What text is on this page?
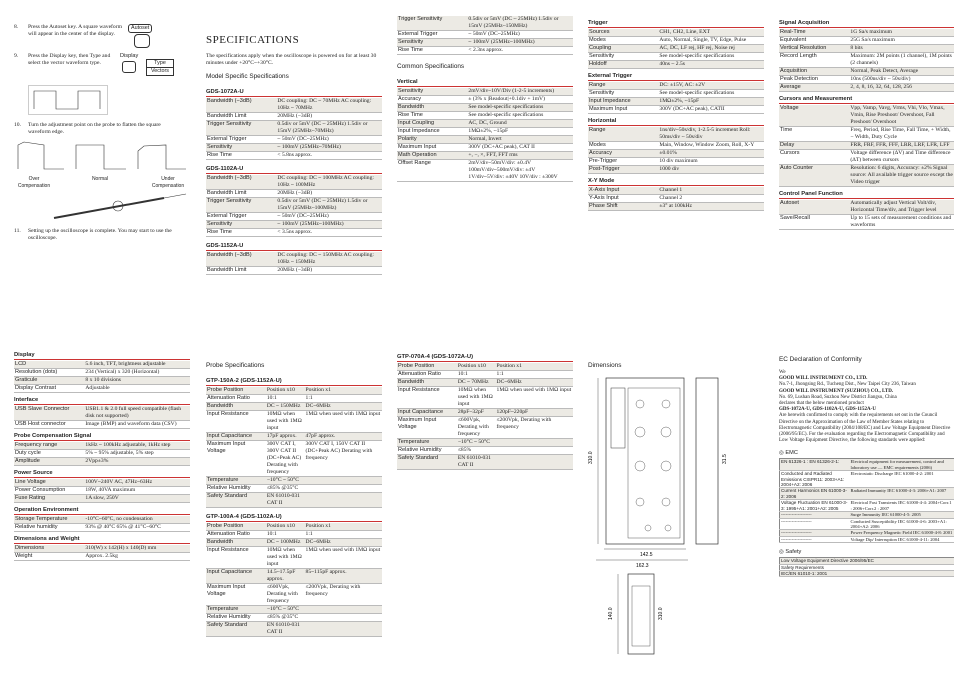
8.	Press the Autoset key. A square waveform will appear in the center of the display.
Autoset
9.	Press the Display key, then Type and select the vector waveform type.
Display
Type
Vectors
10.	Turn the adjustment point on the probe to flatten the square waveform edge.
Over Compensation
Normal	Under Compensation
11.	Setting up the oscilloscope is complete. You may start to use the oscilloscope.
SPECIFICATIONS
The specifications apply when the oscilloscope is powered on for at least 30 minutes under +20°C~+30°C.
Model Specific Specifications
GDS-1072A-U
Bandwidth (−3dB)	DC coupling: DC ~ 70MHz AC coupling: 10Hz ~ 70MHz
Bandwidth Limit	20MHz (−3dB)
Trigger Sensitivity	0.5div or 5mV (DC ~ 25MHz) 1.5div or 15mV (25MHz~70MHz)
External Trigger	~ 50mV (DC~25MHz)
Sensitivity	~ 100mV (25MHz~70MHz)
Rise Time	< 5.8ns approx.
GDS-1102A-U
Bandwidth (−3dB)	DC coupling: DC ~ 100MHz AC coupling: 10Hz ~ 100MHz
Bandwidth Limit	20MHz (−3dB)
Trigger Sensitivity	0.5div or 5mV (DC ~ 25MHz) 1.5div or 15mV (25MHz~100MHz)
External Trigger	~ 50mV (DC~25MHz)
Sensitivity	~ 100mV (25MHz~100MHz)
Rise Time	< 3.5ns approx.
GDS-1152A-U
Bandwidth (−3dB)	DC coupling: DC ~ 150MHz AC coupling: 10Hz ~ 150MHz
Bandwidth Limit	20MHz (−3dB)
Trigger Sensitivity	0.5div or 5mV (DC ~ 25MHz) 1.5div or 15mV (25MHz~150MHz)
External Trigger	~ 50mV (DC~25MHz)
Sensitivity	~ 100mV (25MHz~100MHz)
Rise Time	< 2.3ns approx.
Common Specifications
Vertical
Sensitivity	2mV/div~10V/Div (1-2-5 increments)
Accuracy	± (3% x |Readout|+0.1div + 1mV)
Bandwidth	See model-specific specifications
Rise Time	See model-specific specifications
Input Coupling	AC, DC, Ground
Input Impedance	1MΩ±2%, ~15pF
Polarity	Normal, Invert
Maximum Input	300V (DC+AC peak), CAT II
Math Operation	+, −, ×, FFT, FFT rms
Offset Range	2mV/div~50mV/div: ±0.4V 100mV/div~500mV/div: ±4V 1V/div~5V/div: ±40V 10V/div : ±300V
Trigger
Sources	CH1, CH2, Line, EXT
Modes	Auto, Normal, Single, TV, Edge, Pulse
Coupling	AC, DC, LF rej, HF rej, Noise rej
Sensitivity	See model-specific specifications
Holdoff	40ns ~ 2.5s
External Trigger
Range	DC: ±15V, AC: ±2V
Sensitivity	See model-specific specifications
Input Impedance	1MΩ±2%, ~15pF
Maximum Input	300V (DC+AC peak), CATII
Horizontal
Range	1ns/div~50s/div, 1-2.5-5 increment Roll: 50ms/div ~ 50s/div
Modes	Main, Window, Window Zoom, Roll, X-Y
Accuracy	±0.01%
Pre-Trigger	10 div maximum
Post-Trigger	1000 div
X-Y Mode
X-Axis Input	Channel 1
Y-Axis Input	Channel 2
Phase Shift	±3° at 100kHz
Signal Acquisition
Real-Time	1G Sa/s maximum
Equivalent	25G Sa/s maximum
Vertical Resolution	8 bits
Record Length	Maximum: 2M points (1 channel), 1M points (2 channels)
Acquisition	Normal, Peak Detect, Average
Peak Detection	10ns (500ns/div ~ 50s/div)
Average	2, 4, 8, 16, 32, 64, 128, 256
Cursors and Measurement
Voltage	Vpp, Vamp, Vavg, Vrms, Vhi, Vlo, Vmax, Vmin, Rise Preshoot/ Overshoot, Fall Preshoot/ Overshoot
Time	Freq, Period, Rise Time, Fall Time, + Width, − Width, Duty Cycle
Delay	FRR, FRF, FFR, FFF, LRR, LRF, LFR, LFF
Cursors	Voltage difference (ΔV) and Time difference (ΔT) between cursors
Auto Counter	Resolution: 6 digits, Accuracy: ±2% Signal source: All available trigger source except the Video trigger
Control Panel Function
Autoset	Automatically adjust Vertical Volt/div, Horizontal Time/div, and Trigger level
Save/Recall	Up to 15 sets of measurement conditions and waveforms
Display
LCD	5.6 inch, TFT, brightness adjustable
Resolution (dots)	234 (Vertical) x 320 (Horizontal)
Graticule	8 x 10 divisions
Display Contrast	Adjustable
Interface
USB Slave Connector	USB1.1 & 2.0 full speed compatible (flash disk not supported)
USB Host connector	Image (BMP) and waveform data (CSV)
Probe Compensation Signal
Frequency range	1kHz ~ 100kHz adjustable, 1kHz step
Duty cycle	5% ~ 95% adjustable, 5% step
Amplitude	2Vpp±3%
Power Source
Line Voltage	100V~240V AC, 47Hz~63Hz
Power Consumption	18W, 40VA maximum
Fuse Rating	1A slow, 250V
Operation Environment
Storage Temperature	-10°C~60°C, no condensation
Relative humidity	93% @ 40°C 65% @ 41°C~60°C
Dimensions and Weight
Dimensions	310(W) x 142(H) x 140(D) mm
Weight	Approx. 2.5kg
Probe Specifications
GTP-150A-2 (GDS-1152A-U)
Probe Position	Position x10	Position x1
Attenuation Ratio	10:1	1:1
Bandwidth	DC ~ 150MHz	DC~6MHz
Input Resistance	10MΩ when used with 1MΩ input	1MΩ when used with 1MΩ input
Input Capacitance	17pF approx.	47pF approx.
Maximum Input Voltage	300V CAT I, 300V CAT II (DC+Peak AC) Derating with frequency	300V CAT I, 150V CAT II (DC+Peak AC) Derating with frequency
Temperature	−10°C ~ 50°C	
Relative Humidity	≤85% @35°C	
Safety Standard	EN 61010-031 CAT II	
GTP-100A-4 (GDS-1102A-U)
Probe Position	Position x10	Position x1
Attenuation Ratio	10:1	1:1
Bandwidth	DC ~ 100MHz	DC~6MHz
Input Resistance	10MΩ when used with 1MΩ input	1MΩ when used with 1MΩ input
Input Capacitance	14.5~17.5pF approx.	85~115pF approx.
Maximum Input Voltage	≤600Vpk, Derating with frequency	≤200Vpk, Derating with frequency
Temperature	−10°C ~ 50°C	
Relative Humidity	≤85% @35°C	
Safety Standard	EN 61010-031 CAT II	
GTP-070A-4 (GDS-1072A-U)
Probe Position	Position x10	Position x1
Attenuation Ratio	10:1	1:1
Bandwidth	DC ~ 70MHz	DC~6MHz
Input Resistance	10MΩ when used with 1MΩ input	1MΩ when used with 1MΩ input
Input Capacitance	28pF~32pF	120pF~220pF
Maximum Input Voltage	≤600Vpk, Derating with frequency	≤200Vpk, Derating with frequency
Temperature	−10°C ~ 50°C	
Relative Humidity	≤85%	
Safety Standard	EN 61010-031 CAT II	
Dimensions
142.5
162.3
310.0	31.5
140.0	310.0
EC Declaration of Conformity
We
GOOD WILL INSTRUMENT CO., LTD.
No.7-1, Jhongsing Rd., Tucheng Dist., New Taipei City 236, Taiwan
GOOD WILL INSTRUMENT (SUZHOU) CO., LTD.
No. 69, Lushan Road, Suzhou New District Jiangsu, China
declares that the below mentioned product
GDS-1072A-U, GDS-1102A-U, GDS-1152A-U
Are herewith confirmed to comply with the requirements set out in the Council Directive on the Approximation of the Law of Member States relating to Electromagnetic Compatibility (2004/108/EC) and Low Voltage Equipment Directive (2006/95/EC). For the evaluation regarding the Electromagnetic Compatibility and Low Voltage Equipment Directive, the following standards were applied:
◎ EMC
EN 61326-1 : EN 61326-2-1:	Electrical equipment for measurement, control and laboratory use — EMC requirements (2006)
Conducted and Radiated Emissions CISPR11: 2003+A1: 2004+A2: 2006	Electrostatic Discharge IEC 61000-4-2: 2001
Current Harmonics EN 61000-3-2: 2006	Radiated Immunity IEC 61000-4-3: 2006+A1: 2007
Voltage Fluctuation EN 61000-3-3: 1995+A1: 2001+A2: 2005	Electrical Fast Transients IEC 61000-4-4: 2004+Corr.1 : 2006+Corr.2 : 2007
--------------------	Surge Immunity IEC 61000-4-5: 2005
--------------------	Conducted Susceptibility IEC 61000-4-6: 2003+A1: 2004+A2: 2006
--------------------	Power Frequency Magnetic Field IEC 61000-4-8: 2001
--------------------	Voltage Dip/ Interruption IEC 61000-4-11: 2004
◎ Safety
Low Voltage Equipment Directive 2006/95/EC
Safety Requirements
IEC/EN 61010-1: 2001
